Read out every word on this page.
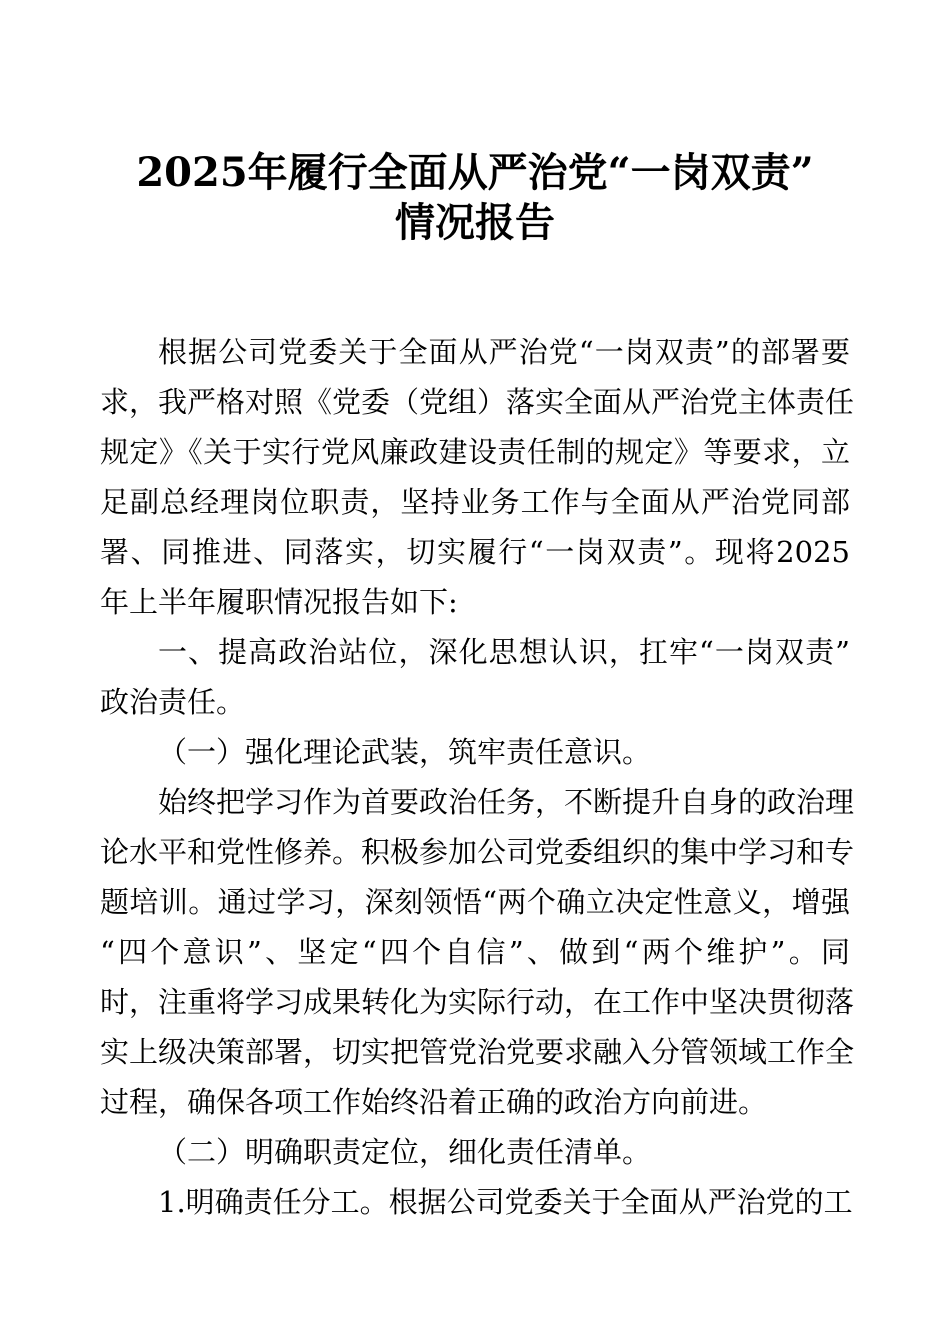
2025年履行全面从严治党“一岗双责”
情况报告
根据公司党委关于全面从严治党“一岗双责”的部署要
求，我严格对照《党委（党组）落实全面从严治党主体责任
规定》《关于实行党风廉政建设责任制的规定》等要求，立
足副总经理岗位职责，坚持业务工作与全面从严治党同部
署、同推进、同落实，切实履行“一岗双责”。现将2025
年上半年履职情况报告如下:
一、提高政治站位，深化思想认识，扛牢“一岗双责”
政治责任。
（一）强化理论武装，筑牢责任意识。
始终把学习作为首要政治任务，不断提升自身的政治理
论水平和党性修养。积极参加公司党委组织的集中学习和专
题培训。通过学习，深刻领悟“两个确立决定性意义，增强
“四个意识”、坚定“四个自信”、做到“两个维护”。同
时，注重将学习成果转化为实际行动，在工作中坚决贯彻落
实上级决策部署，切实把管党治党要求融入分管领域工作全
过程，确保各项工作始终沿着正确的政治方向前进。
（二）明确职责定位，细化责任清单。
1.明确责任分工。根据公司党委关于全面从严治党的工
